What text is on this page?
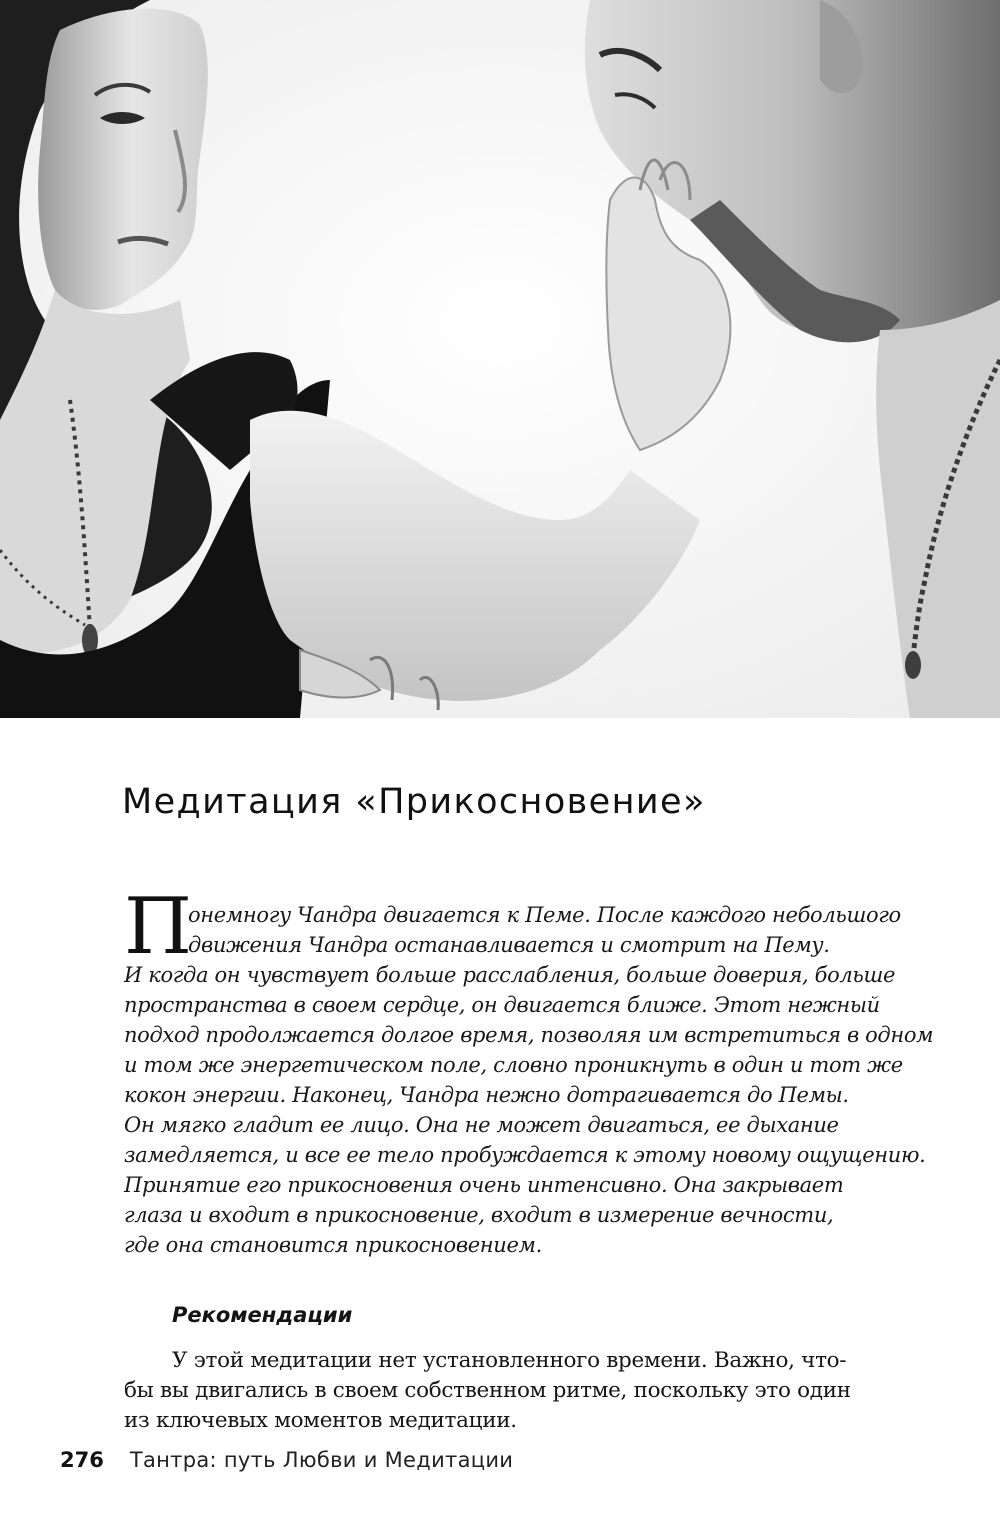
Медитация «Прикосновение»
П
онемногу Чандра двигается к Пеме. После каждого небольшого
движения Чандра останавливается и смотрит на Пему.
И когда он чувствует больше расслабления, больше доверия, больше
пространства в своем сердце, он двигается ближе. Этот нежный
подход продолжается долгое время, позволяя им встретиться в одном
и том же энергетическом поле, словно проникнуть в один и тот же
кокон энергии. Наконец, Чандра нежно дотрагивается до Пемы.
Он мягко гладит ее лицо. Она не может двигаться, ее дыхание
замедляется, и все ее тело пробуждается к этому новому ощущению.
Принятие его прикосновения очень интенсивно. Она закрывает
глаза и входит в прикосновение, входит в измерение вечности,
где она становится прикосновением.
Рекомендации
У этой медитации нет установленного времени. Важно, что-
бы вы двигались в своем собственном ритме, поскольку это один
из ключевых моментов медитации.
276 Тантра: путь Любви и Медитации
